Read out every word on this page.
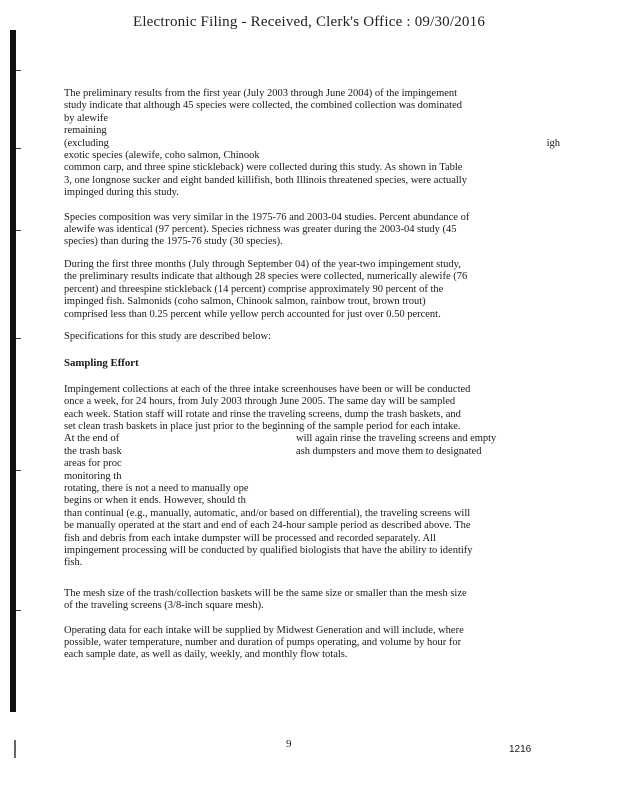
Electronic Filing - Received, Clerk's Office : 09/30/2016
The preliminary results from the first year (July 2003 through June 2004) of the impingement
study indicate that although 45 species were collected, the combined collection was dominated
by alewife
remaining
(excluding	igh
exotic species (alewife, coho salmon, Chinook
common carp, and three spine stickleback) were collected during this study. As shown in Table
3, one longnose sucker and eight banded killifish, both Illinois threatened species, were actually
impinged during this study.
Species composition was very similar in the 1975-76 and 2003-04 studies. Percent abundance of
alewife was identical (97 percent). Species richness was greater during the 2003-04 study (45
species) than during the 1975-76 study (30 species).
During the first three months (July through September 04) of the year-two impingement study,
the preliminary results indicate that although 28 species were collected, numerically alewife (76
percent) and threespine stickleback (14 percent) comprise approximately 90 percent of the
impinged fish. Salmonids (coho salmon, Chinook salmon, rainbow trout, brown trout)
comprised less than 0.25 percent while yellow perch accounted for just over 0.50 percent.
Specifications for this study are described below:
Sampling Effort
Impingement collections at each of the three intake screenhouses have been or will be conducted
once a week, for 24 hours, from July 2003 through June 2005. The same day will be sampled
each week. Station staff will rotate and rinse the traveling screens, dump the trash baskets, and
set clean trash baskets in place just prior to the beginning of the sample period for each intake.
At the end of	will again rinse the traveling screens and empty
the trash bask	ash dumpsters and move them to designated
areas for proc
monitoring th
rotating, there is not a need to manually ope
begins or when it ends. However, should th
than continual (e.g., manually, automatic, and/or based on differential), the traveling screens will
be manually operated at the start and end of each 24-hour sample period as described above. The
fish and debris from each intake dumpster will be processed and recorded separately. All
impingement processing will be conducted by qualified biologists that have the ability to identify
fish.
The mesh size of the trash/collection baskets will be the same size or smaller than the mesh size
of the traveling screens (3/8-inch square mesh).
Operating data for each intake will be supplied by Midwest Generation and will include, where
possible, water temperature, number and duration of pumps operating, and volume by hour for
each sample date, as well as daily, weekly, and monthly flow totals.
9	1216
